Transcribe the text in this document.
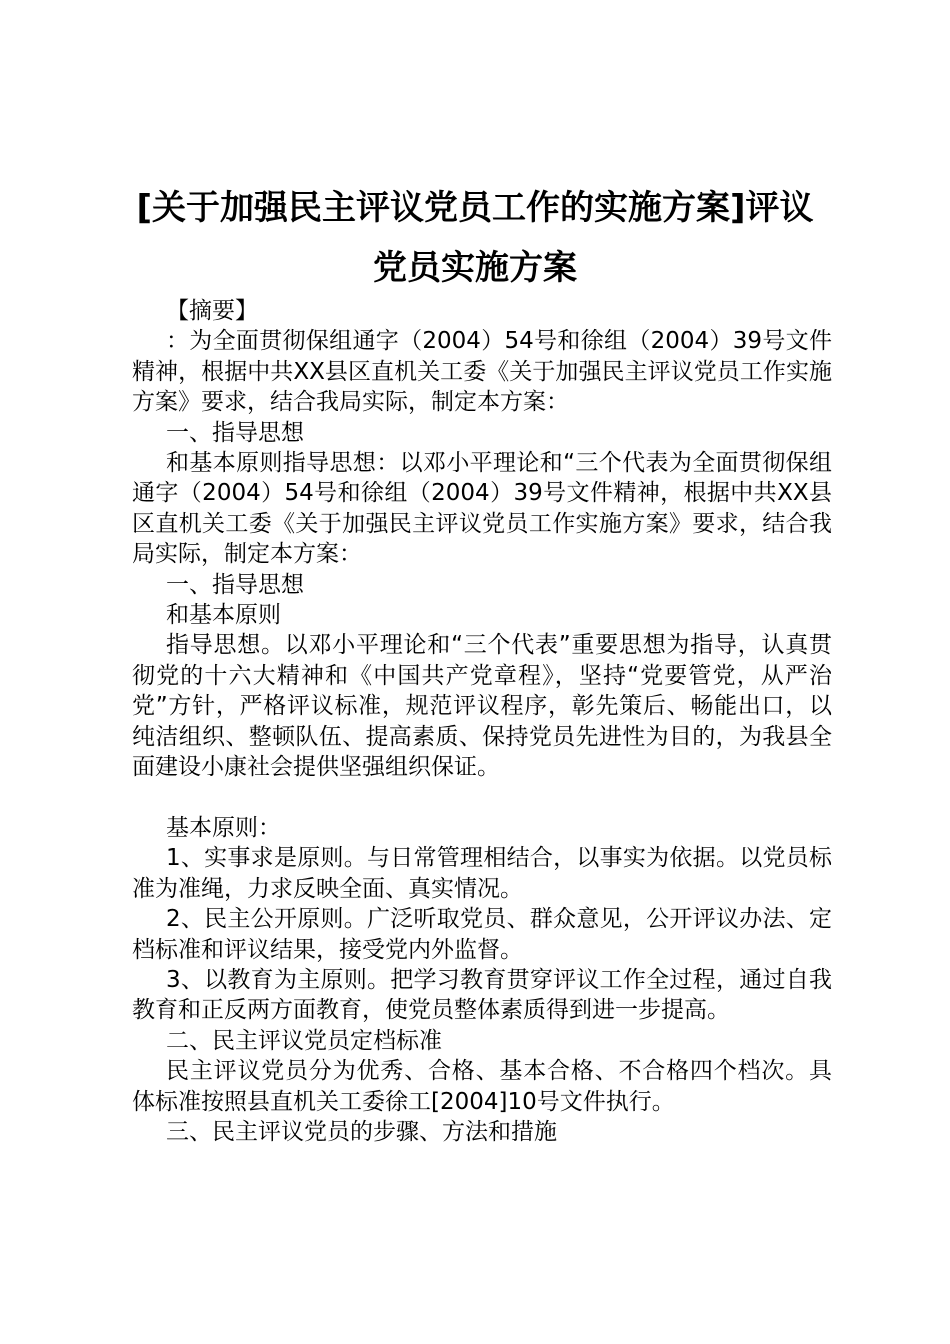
[关于加强民主评议党员工作的实施方案]评议
党员实施方案

【摘要】

：为全面贯彻保组通字（2004）54号和徐组（2004）39号文件精神，根据中共XX县区直机关工委《关于加强民主评议党员工作实施方案》要求，结合我局实际，制定本方案：

一、指导思想

和基本原则指导思想：以邓小平理论和“三个代表为全面贯彻保组通字（2004）54号和徐组（2004）39号文件精神，根据中共XX县区直机关工委《关于加强民主评议党员工作实施方案》要求，结合我局实际，制定本方案：

一、指导思想

和基本原则

指导思想。以邓小平理论和“三个代表”重要思想为指导，认真贯彻党的十六大精神和《中国共产党章程》，坚持“党要管党，从严治党”方针，严格评议标准，规范评议程序，彰先策后、畅能出口，以纯洁组织、整顿队伍、提高素质、保持党员先进性为目的，为我县全面建设小康社会提供坚强组织保证。

基本原则：

1、实事求是原则。与日常管理相结合，以事实为依据。以党员标准为准绳，力求反映全面、真实情况。

2、民主公开原则。广泛听取党员、群众意见，公开评议办法、定档标准和评议结果，接受党内外监督。

3、以教育为主原则。把学习教育贯穿评议工作全过程，通过自我教育和正反两方面教育，使党员整体素质得到进一步提高。

二、民主评议党员定档标准

民主评议党员分为优秀、合格、基本合格、不合格四个档次。具体标准按照县直机关工委徐工[2004]10号文件执行。

三、民主评议党员的步骤、方法和措施
